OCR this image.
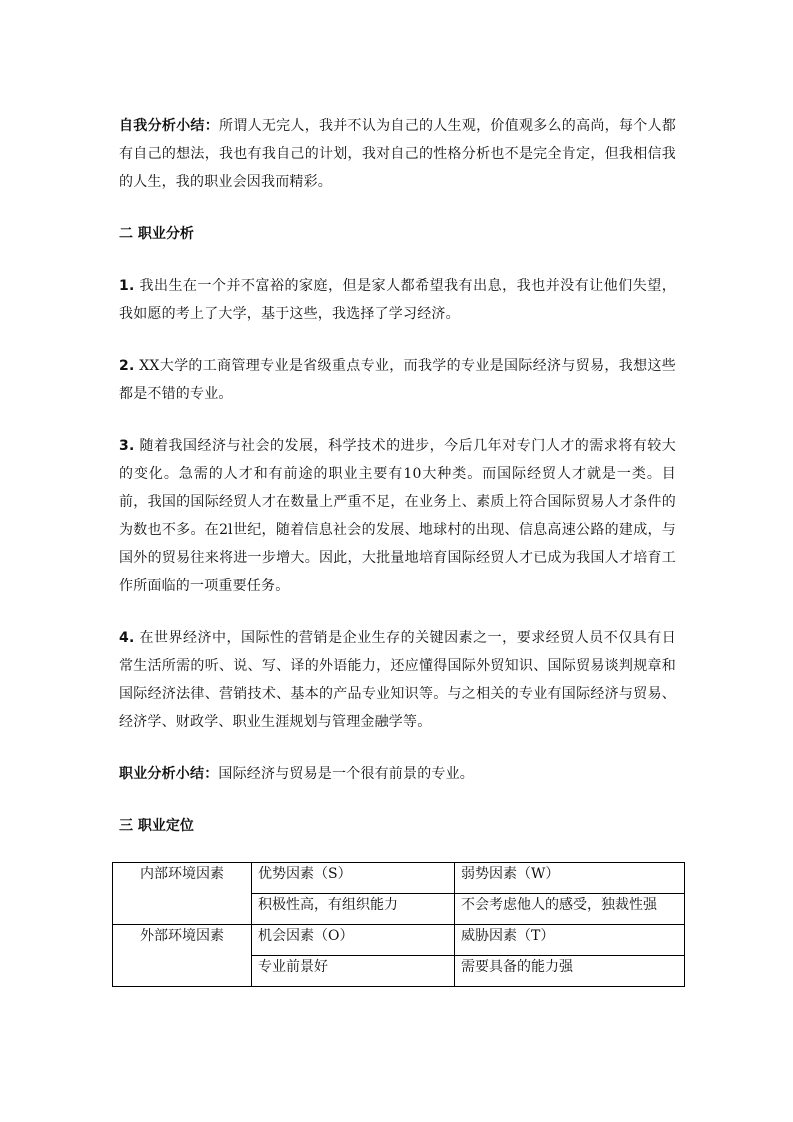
自我分析小结：所谓人无完人，我并不认为自己的人生观，价值观多么的高尚，每个人都有自己的想法，我也有我自己的计划，我对自己的性格分析也不是完全肯定，但我相信我的人生，我的职业会因我而精彩。

二 职业分析

1. 我出生在一个并不富裕的家庭，但是家人都希望我有出息，我也并没有让他们失望，我如愿的考上了大学，基于这些，我选择了学习经济。

2. XX大学的工商管理专业是省级重点专业，而我学的专业是国际经济与贸易，我想这些都是不错的专业。

3. 随着我国经济与社会的发展，科学技术的进步，今后几年对专门人才的需求将有较大的变化。急需的人才和有前途的职业主要有10大种类。而国际经贸人才就是一类。目前，我国的国际经贸人才在数量上严重不足，在业务上、素质上符合国际贸易人才条件的为数也不多。在2l世纪，随着信息社会的发展、地球村的出现、信息高速公路的建成，与国外的贸易往来将进一步增大。因此，大批量地培育国际经贸人才已成为我国人才培育工作所面临的一项重要任务。

4. 在世界经济中，国际性的营销是企业生存的关键因素之一，要求经贸人员不仅具有日常生活所需的听、说、写、译的外语能力，还应懂得国际外贸知识、国际贸易谈判规章和国际经济法律、营销技术、基本的产品专业知识等。与之相关的专业有国际经济与贸易、经济学、财政学、职业生涯规划与管理金融学等。

职业分析小结：国际经济与贸易是一个很有前景的专业。

三 职业定位
内部环境因素	优势因素（S）	弱势因素（W）
	积极性高，有组织能力	不会考虑他人的感受，独裁性强
外部环境因素	机会因素（O）	威胁因素（T）
	专业前景好	需要具备的能力强
